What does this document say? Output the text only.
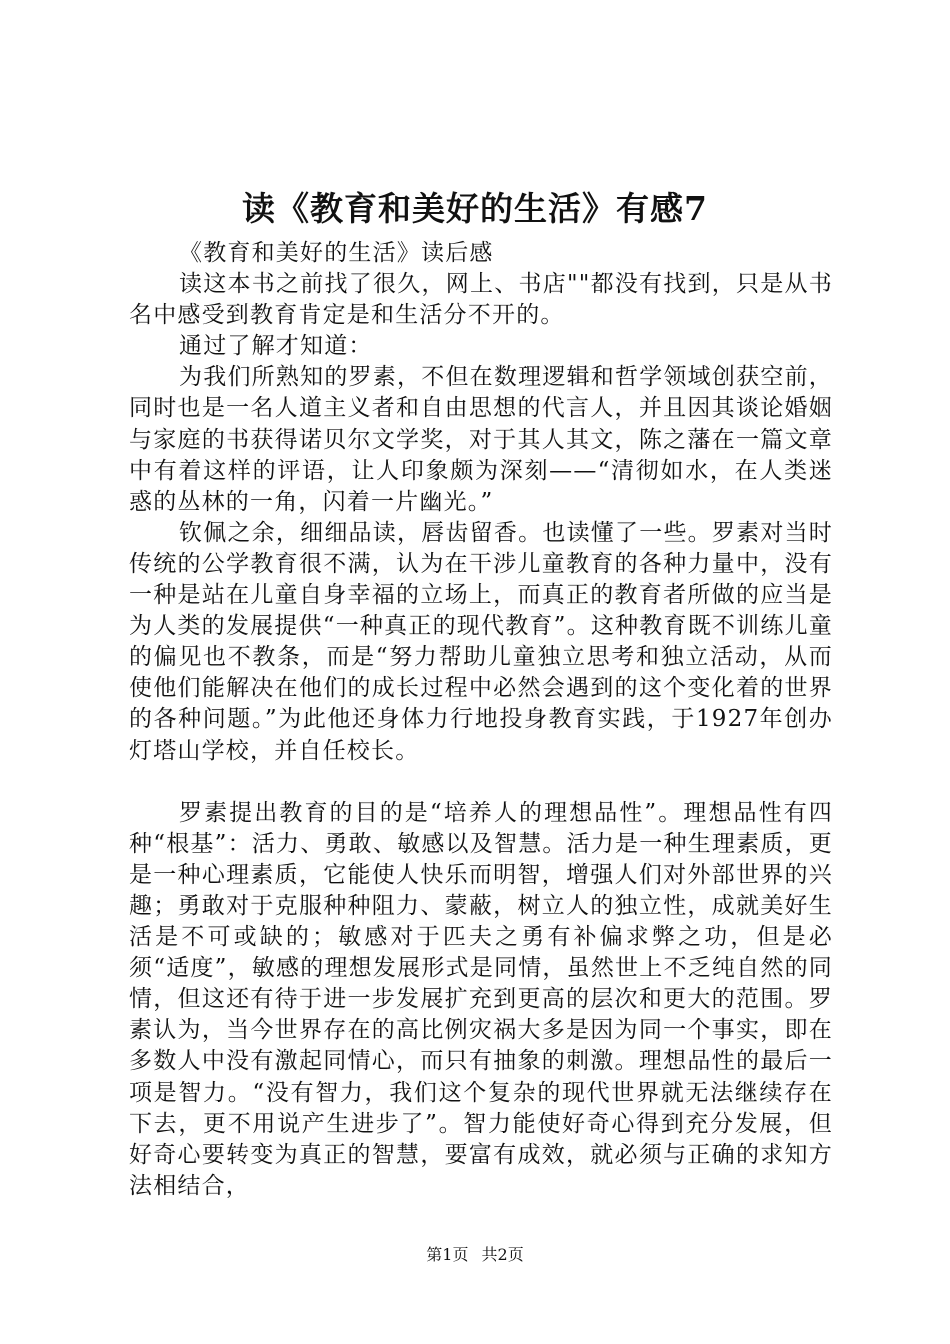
读《教育和美好的生活》有感7

《教育和美好的生活》读后感

读这本书之前找了很久，网上、书店""都没有找到，只是从书名中感受到教育肯定是和生活分不开的。

通过了解才知道：

为我们所熟知的罗素，不但在数理逻辑和哲学领域创获空前，同时也是一名人道主义者和自由思想的代言人，并且因其谈论婚姻与家庭的书获得诺贝尔文学奖，对于其人其文，陈之藩在一篇文章中有着这样的评语，让人印象颇为深刻——“清彻如水，在人类迷惑的丛林的一角，闪着一片幽光。”

钦佩之余，细细品读，唇齿留香。也读懂了一些。罗素对当时传统的公学教育很不满，认为在干涉儿童教育的各种力量中，没有一种是站在儿童自身幸福的立场上，而真正的教育者所做的应当是为人类的发展提供“一种真正的现代教育”。这种教育既不训练儿童的偏见也不教条，而是“努力帮助儿童独立思考和独立活动，从而使他们能解决在他们的成长过程中必然会遇到的这个变化着的世界的各种问题。”为此他还身体力行地投身教育实践，于1927年创办灯塔山学校，并自任校长。

罗素提出教育的目的是“培养人的理想品性”。理想品性有四种“根基”：活力、勇敢、敏感以及智慧。活力是一种生理素质，更是一种心理素质，它能使人快乐而明智，增强人们对外部世界的兴趣；勇敢对于克服种种阻力、蒙蔽，树立人的独立性，成就美好生活是不可或缺的；敏感对于匹夫之勇有补偏求弊之功，但是必须“适度”，敏感的理想发展形式是同情，虽然世上不乏纯自然的同情，但这还有待于进一步发展扩充到更高的层次和更大的范围。罗素认为，当今世界存在的高比例灾祸大多是因为同一个事实，即在多数人中没有激起同情心，而只有抽象的刺激。理想品性的最后一项是智力。“没有智力，我们这个复杂的现代世界就无法继续存在下去，更不用说产生进步了”。智力能使好奇心得到充分发展，但好奇心要转变为真正的智慧，要富有成效，就必须与正确的求知方法相结合，

第1页 共2页
